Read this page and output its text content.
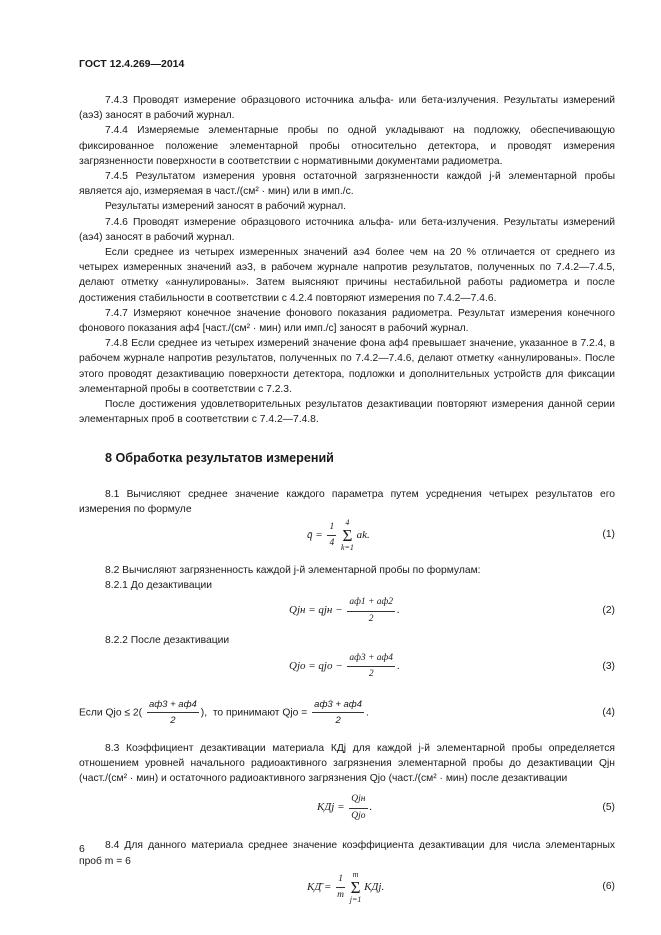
ГОСТ 12.4.269—2014

7.4.3 Проводят измерение образцового источника альфа- или бета-излучения. Результаты измерений (aэ3) заносят в рабочий журнал.

7.4.4 Измеряемые элементарные пробы по одной укладывают на подложку, обеспечивающую фиксированное положение элементарной пробы относительно детектора, и проводят измерения загрязненности поверхности в соответствии с нормативными документами радиометра.

7.4.5 Результатом измерения уровня остаточной загрязненности каждой j-й элементарной пробы является ajo, измеряемая в част./(см² · мин) или в имп./с.

Результаты измерений заносят в рабочий журнал.

7.4.6 Проводят измерение образцового источника альфа- или бета-излучения. Результаты измерений (aэ4) заносят в рабочий журнал.

Если среднее из четырех измеренных значений aэ4 более чем на 20 % отличается от среднего из четырех измеренных значений aэ3, в рабочем журнале напротив результатов, полученных по 7.4.2—7.4.5, делают отметку «аннулированы». Затем выясняют причины нестабильной работы радиометра и после достижения стабильности в соответствии с 4.2.4 повторяют измерения по 7.4.2—7.4.6.

7.4.7 Измеряют конечное значение фонового показания радиометра. Результат измерения конечного фонового показания aф4 [част./(см² · мин) или имп./с] заносят в рабочий журнал.

7.4.8 Если среднее из четырех измерений значение фона aф4 превышает значение, указанное в 7.2.4, в рабочем журнале напротив результатов, полученных по 7.4.2—7.4.6, делают отметку «аннулированы». После этого проводят дезактивацию поверхности детектора, подложки и дополнительных устройств для фиксации элементарной пробы в соответствии с 7.2.3.

После достижения удовлетворительных результатов дезактивации повторяют измерения данной серии элементарных проб в соответствии с 7.4.2—7.4.8.

8 Обработка результатов измерений

8.1 Вычисляют среднее значение каждого параметра путем усреднения четырех результатов его измерения по формуле

q̄ = $\frac{1}{4} 4$
Σ
k=1 ak.	(1)

8.2 Вычисляют загрязненность каждой j-й элементарной пробы по формулам:

8.2.1 До дезактивации

Qjн = qjн − $\frac{aф1 + aф2}{2}$ .	(2)

8.2.2 После дезактивации

Qjo = qjo − $\frac{aф3 + aф4}{2}$ .	(3)
Если Qjo ≤ $2( \frac{aф3 + aф4}{2}$ ), то принимают Qjo = $\frac{aф3 + aф4}{2}$ .	(4)

8.3 Коэффициент дезактивации материала КДj для каждой j-й элементарной пробы определяется отношением уровней начального радиоактивного загрязнения элементарной пробы до дезактивации Qjн (част./(см² · мин) и остаточного радиоактивного загрязнения Qjo (част./(см² · мин) после дезактивации

КДj = $\frac{\text{Qjн}}{\text{Qjo}}$ .	(5)

8.4 Для данного материала среднее значение коэффициента дезактивации для числа элементарных проб m = 6

КД̄ = $\frac{1}{m}$ m
Σ
j=1 КДj.	(6)
6
